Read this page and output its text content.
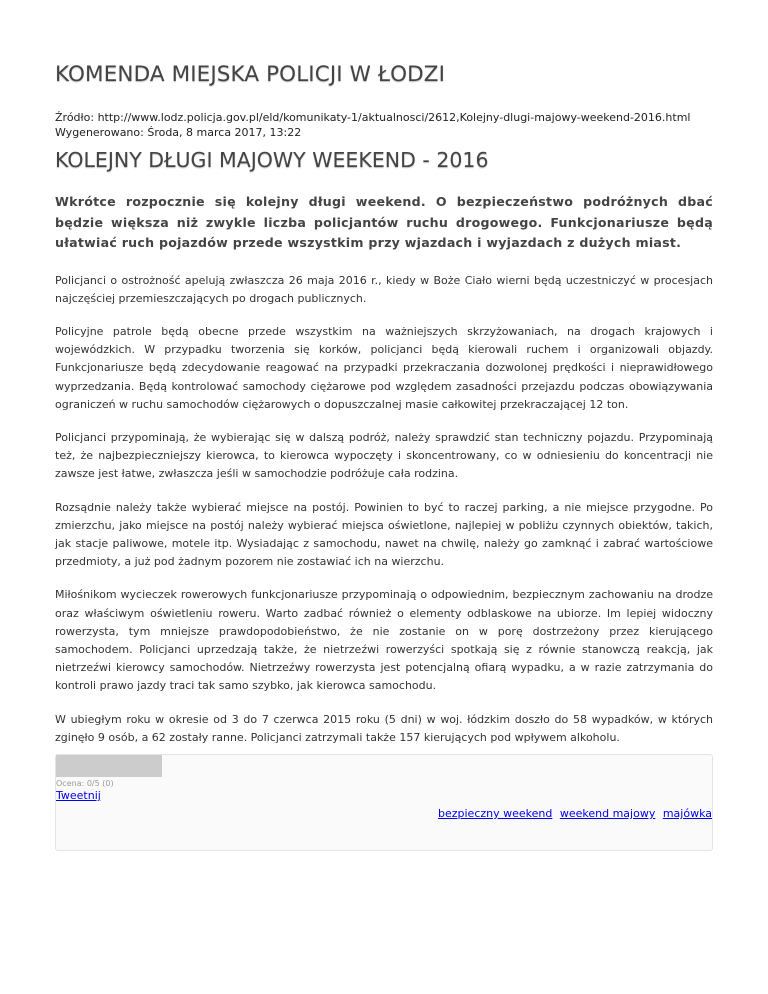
KOMENDA MIEJSKA POLICJI W ŁODZI
Źródło: http://www.lodz.policja.gov.pl/eld/komunikaty-1/aktualnosci/2612,Kolejny-dlugi-majowy-weekend-2016.html
Wygenerowano: Środa, 8 marca 2017, 13:22
KOLEJNY DŁUGI MAJOWY WEEKEND - 2016

Wkrótce rozpocznie się kolejny długi weekend. O bezpieczeństwo podróżnych dbać będzie większa niż zwykle liczba policjantów ruchu drogowego. Funkcjonariusze będą ułatwiać ruch pojazdów przede wszystkim przy wjazdach i wyjazdach z dużych miast.

Policjanci o ostrożność apelują zwłaszcza 26 maja 2016 r., kiedy w Boże Ciało wierni będą uczestniczyć w procesjach najczęściej przemieszczających po drogach publicznych.

Policyjne patrole będą obecne przede wszystkim na ważniejszych skrzyżowaniach, na drogach krajowych i wojewódzkich. W przypadku tworzenia się korków, policjanci będą kierowali ruchem i organizowali objazdy. Funkcjonariusze będą zdecydowanie reagować na przypadki przekraczania dozwolonej prędkości i nieprawidłowego wyprzedzania. Będą kontrolować samochody ciężarowe pod względem zasadności przejazdu podczas obowiązywania ograniczeń w ruchu samochodów ciężarowych o dopuszczalnej masie całkowitej przekraczającej 12 ton.

Policjanci przypominają, że wybierając się w dalszą podróż, należy sprawdzić stan techniczny pojazdu. Przypominają też, że najbezpieczniejszy kierowca, to kierowca wypoczęty i skoncentrowany, co w odniesieniu do koncentracji nie zawsze jest łatwe, zwłaszcza jeśli w samochodzie podróżuje cała rodzina.

Rozsądnie należy także wybierać miejsce na postój. Powinien to być to raczej parking, a nie miejsce przygodne. Po zmierzchu, jako miejsce na postój należy wybierać miejsca oświetlone, najlepiej w pobliżu czynnych obiektów, takich, jak stacje paliwowe, motele itp. Wysiadając z samochodu, nawet na chwilę, należy go zamknąć i zabrać wartościowe przedmioty, a już pod żadnym pozorem nie zostawiać ich na wierzchu.

Miłośnikom wycieczek rowerowych funkcjonariusze przypominają o odpowiednim, bezpiecznym zachowaniu na drodze oraz właściwym oświetleniu roweru. Warto zadbać również o elementy odblaskowe na ubiorze. Im lepiej widoczny rowerzysta, tym mniejsze prawdopodobieństwo, że nie zostanie on w porę dostrzeżony przez kierującego samochodem. Policjanci uprzedzają także, że nietrzeźwi rowerzyści spotkają się z równie stanowczą reakcją, jak nietrzeźwi kierowcy samochodów. Nietrzeźwy rowerzysta jest potencjalną ofiarą wypadku, a w razie zatrzymania do kontroli prawo jazdy traci tak samo szybko, jak kierowca samochodu.

W ubiegłym roku w okresie od 3 do 7 czerwca 2015 roku (5 dni) w woj. łódzkim doszło do 58 wypadków, w których zginęło 9 osób, a 62 zostały ranne. Policjanci zatrzymali także 157 kierujących pod wpływem alkoholu.

Ocena: 0/5 (0)
Tweetnij
bezpieczny weekend weekend majowy majówka
